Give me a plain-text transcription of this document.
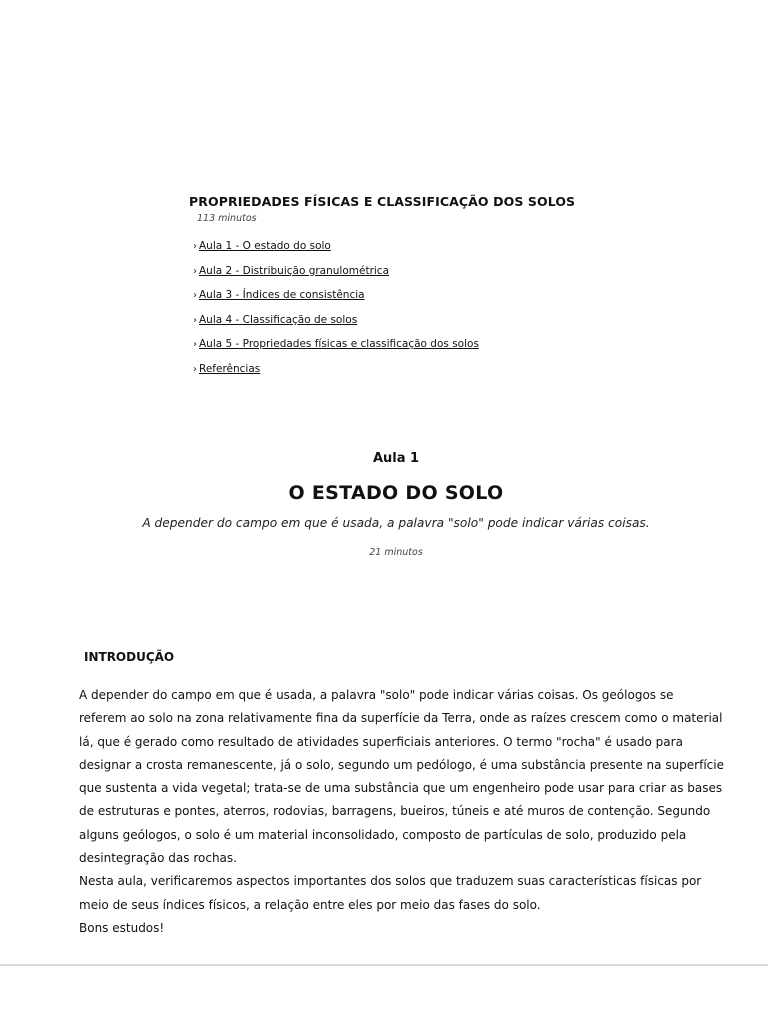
PROPRIEDADES FÍSICAS E CLASSIFICAÇÃO DOS SOLOS
113 minutos
› Aula 1 - O estado do solo
› Aula 2 - Distribuição granulométrica
› Aula 3 - Índices de consistência
› Aula 4 - Classificação de solos
› Aula 5 - Propriedades físicas e classificação dos solos
› Referências
Aula 1
O ESTADO DO SOLO
A depender do campo em que é usada, a palavra "solo" pode indicar várias coisas.
21 minutos
INTRODUÇÃO

A depender do campo em que é usada, a palavra "solo" pode indicar várias coisas. Os geólogos se referem ao solo na zona relativamente fina da superfície da Terra, onde as raízes crescem como o material lá, que é gerado como resultado de atividades superficiais anteriores. O termo "rocha" é usado para designar a crosta remanescente, já o solo, segundo um pedólogo, é uma substância presente na superfície que sustenta a vida vegetal; trata-se de uma substância que um engenheiro pode usar para criar as bases de estruturas e pontes, aterros, rodovias, barragens, bueiros, túneis e até muros de contenção. Segundo alguns geólogos, o solo é um material inconsolidado, composto de partículas de solo, produzido pela desintegração das rochas.

Nesta aula, verificaremos aspectos importantes dos solos que traduzem suas características físicas por meio de seus índices físicos, a relação entre eles por meio das fases do solo.

Bons estudos!
